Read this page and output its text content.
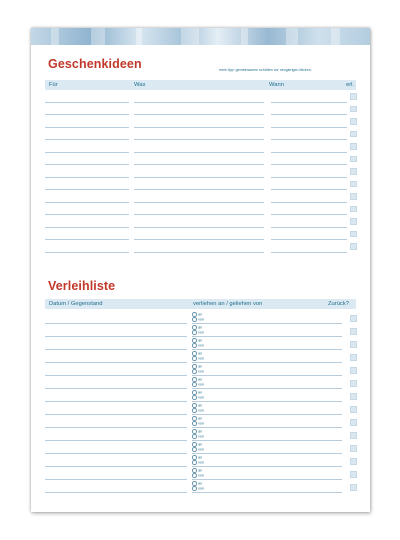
Geschenkideen	mein tipp: gemeinsamen schütten vor neugierigen blicken.
Für	Was	Wann	erl.
Verleihliste
Datum / Gegenstand	verliehen an / geliehen von	Zurück?
an
von
an
von
an
von
an
von
an
von
an
von
an
von
an
von
an
von
an
von
an
von
an
von
an
von
an
von
